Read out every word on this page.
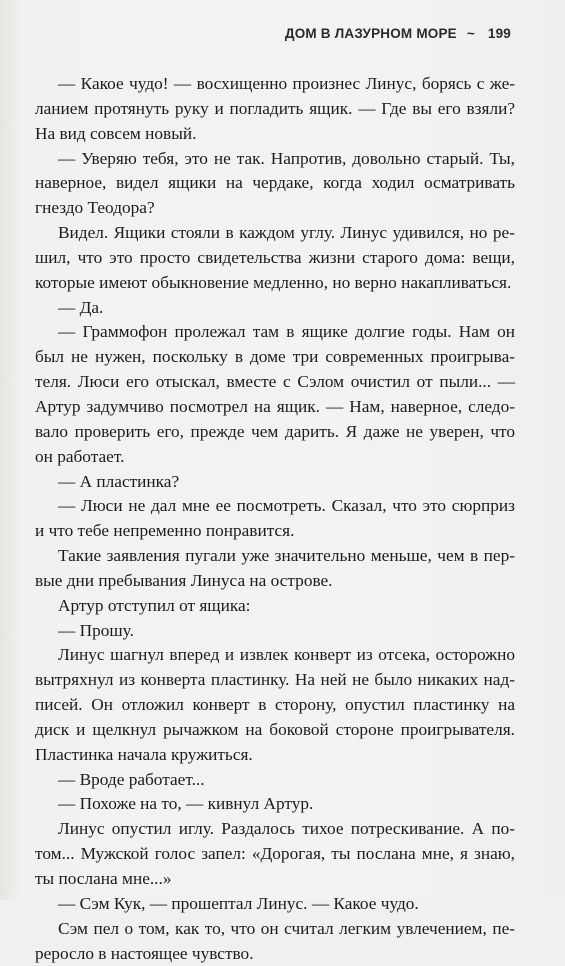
ДОМ В ЛАЗУРНОМ МОРЕ ~ 199

— Какое чудо! — восхищенно произнес Линус, борясь с же-

ланием протянуть руку и погладить ящик. — Где вы его взяли?

На вид совсем новый.

— Уверяю тебя, это не так. Напротив, довольно старый. Ты,

наверное, видел ящики на чердаке, когда ходил осматривать

гнездо Теодора?

Видел. Ящики стояли в каждом углу. Линус удивился, но ре-

шил, что это просто свидетельства жизни старого дома: вещи,

которые имеют обыкновение медленно, но верно накапливаться.

— Да.

— Граммофон пролежал там в ящике долгие годы. Нам он

был не нужен, поскольку в доме три современных проигрыва-

теля. Люси его отыскал, вместе с Сэлом очистил от пыли... —

Артур задумчиво посмотрел на ящик. — Нам, наверное, следо-

вало проверить его, прежде чем дарить. Я даже не уверен, что

он работает.

— А пластинка?

— Люси не дал мне ее посмотреть. Сказал, что это сюрприз

и что тебе непременно понравится.

Такие заявления пугали уже значительно меньше, чем в пер-

вые дни пребывания Линуса на острове.

Артур отступил от ящика:

— Прошу.

Линус шагнул вперед и извлек конверт из отсека, осторожно

вытряхнул из конверта пластинку. На ней не было никаких над-

писей. Он отложил конверт в сторону, опустил пластинку на

диск и щелкнул рычажком на боковой стороне проигрывателя.

Пластинка начала кружиться.

— Вроде работает...

— Похоже на то, — кивнул Артур.

Линус опустил иглу. Раздалось тихое потрескивание. А по-

том... Мужской голос запел: «Дорогая, ты послана мне, я знаю,

ты послана мне...»

— Сэм Кук, — прошептал Линус. — Какое чудо.

Сэм пел о том, как то, что он считал легким увлечением, пе-

реросло в настоящее чувство.
